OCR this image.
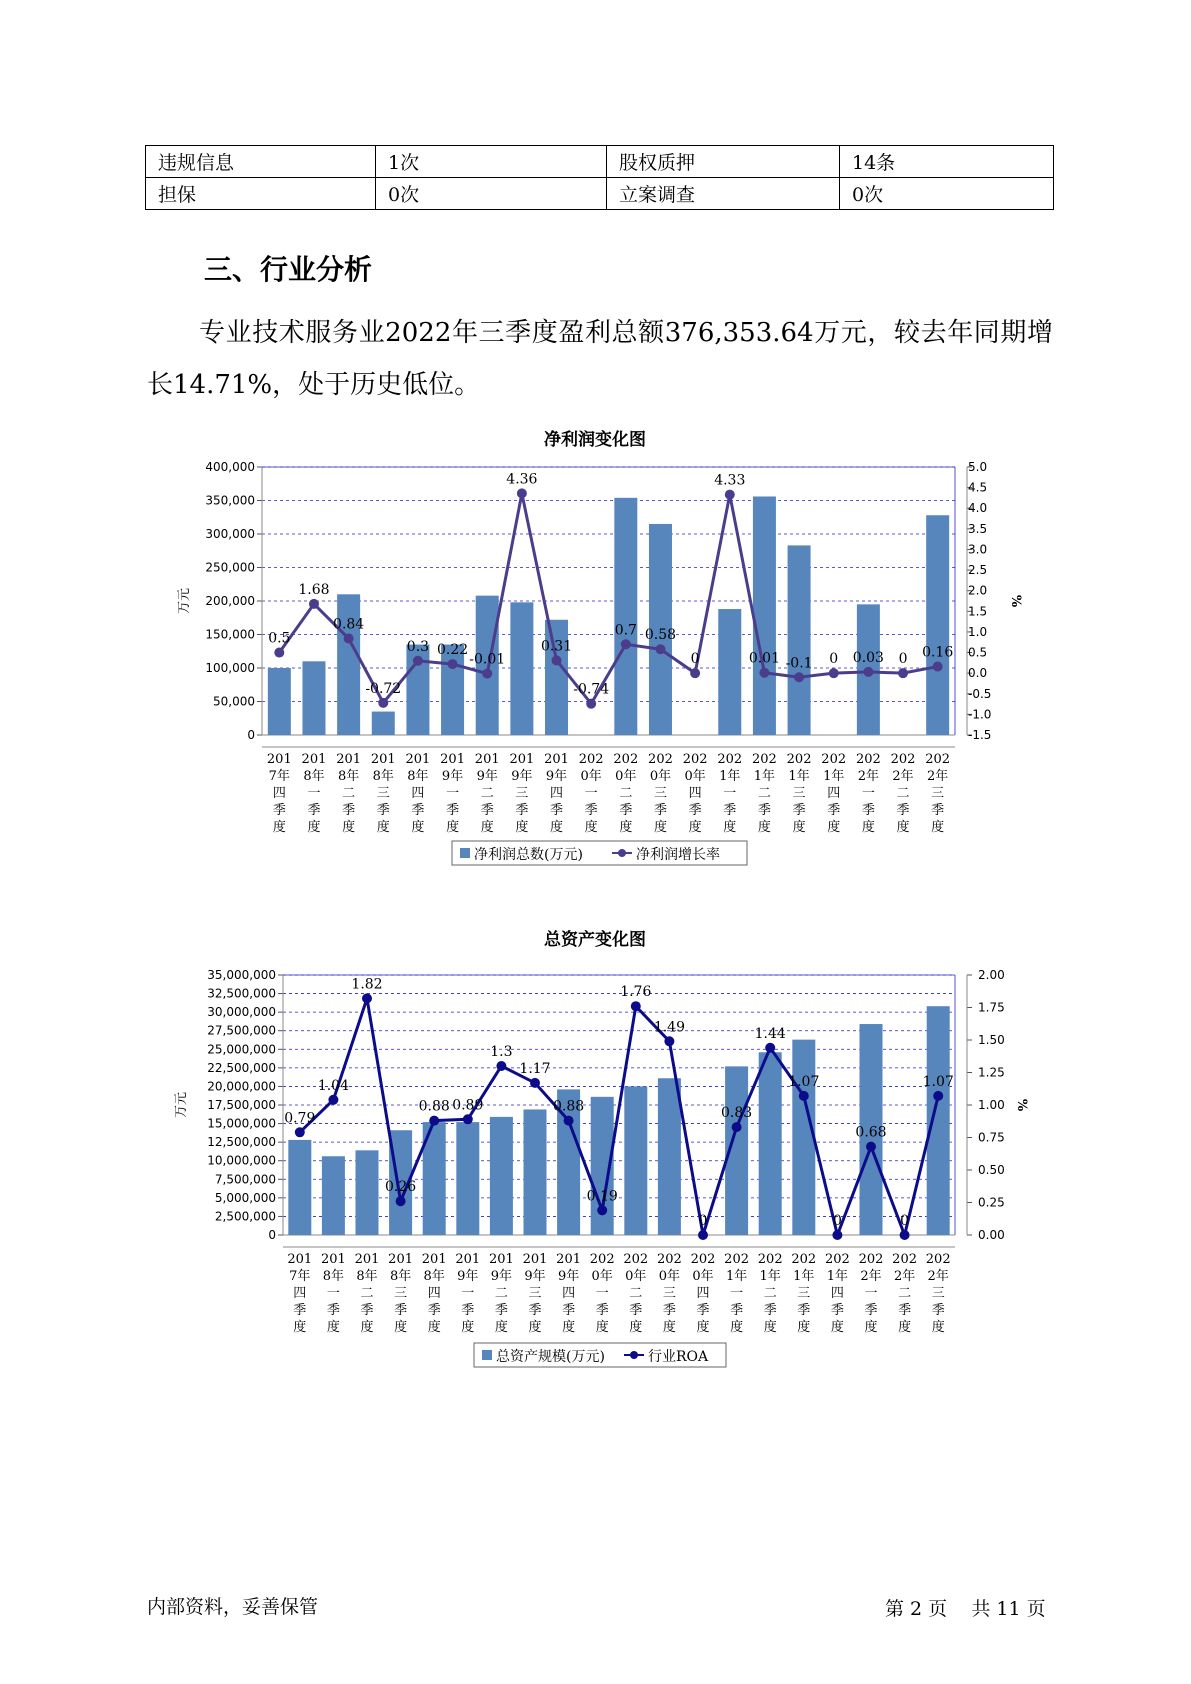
违规信息	1次	股权质押	14条
担保	0次	立案调查	0次
三、行业分析

专业技术服务业2022年三季度盈利总额376,353.64万元，较去年同期增长14.71%，处于历史低位。

净利润变化图
0
50,000
100,000
150,000
200,000
250,000
300,000
350,000
400,000
-1.5
-1.0
-0.5
0.0
0.5
1.0
1.5
2.0
2.5
3.0
3.5
4.0
4.5
5.0
万元	%
201 7年四季度
201 8年一季度
201 8年二季度
201 8年三季度
201 8年四季度
201 9年一季度
201 9年二季度
201 9年三季度
201 9年四季度
202 0年一季度
202 0年二季度
202 0年三季度
202 0年四季度
202 1年一季度
202 1年二季度
202 1年三季度
202 1年四季度
202 2年一季度
202 2年二季度
202 2年三季度
0.5
1.68
0.84
-0.72
0.3 0.22
-0.01
4.36
0.31
-0.74
0.7 0.58
0
4.33
0.01 -0.1 0 0.03 0 0.16
净利润总数(万元)	净利润增长率
总资产变化图
0
2,500,000
5,000,000
7,500,000
10,000,000
12,500,000
15,000,000
17,500,000
20,000,000
22,500,000
25,000,000
27,500,000
30,000,000
32,500,000
35,000,000
0.00
0.25
0.50
0.75
1.00
1.25
1.50
1.75
2.00
万元	%
201 7年四季度
201 8年一季度
201 8年二季度
201 8年三季度
201 8年四季度
201 9年一季度
201 9年二季度
201 9年三季度
201 9年四季度
202 0年一季度
202 0年二季度
202 0年三季度
202 0年四季度
202 1年一季度
202 1年二季度
202 1年三季度
202 1年四季度
202 2年一季度
202 2年二季度
202 2年三季度
0.79
1.04
1.82
0.26
0.88 0.89
1.3
1.17
0.88
0.19
1.76
1.49
0
0.83
1.44
1.07
0
0.68
0
1.07
总资产规模(万元)	行业ROA
内部资料，妥善保管	第 2 页    共 11 页
